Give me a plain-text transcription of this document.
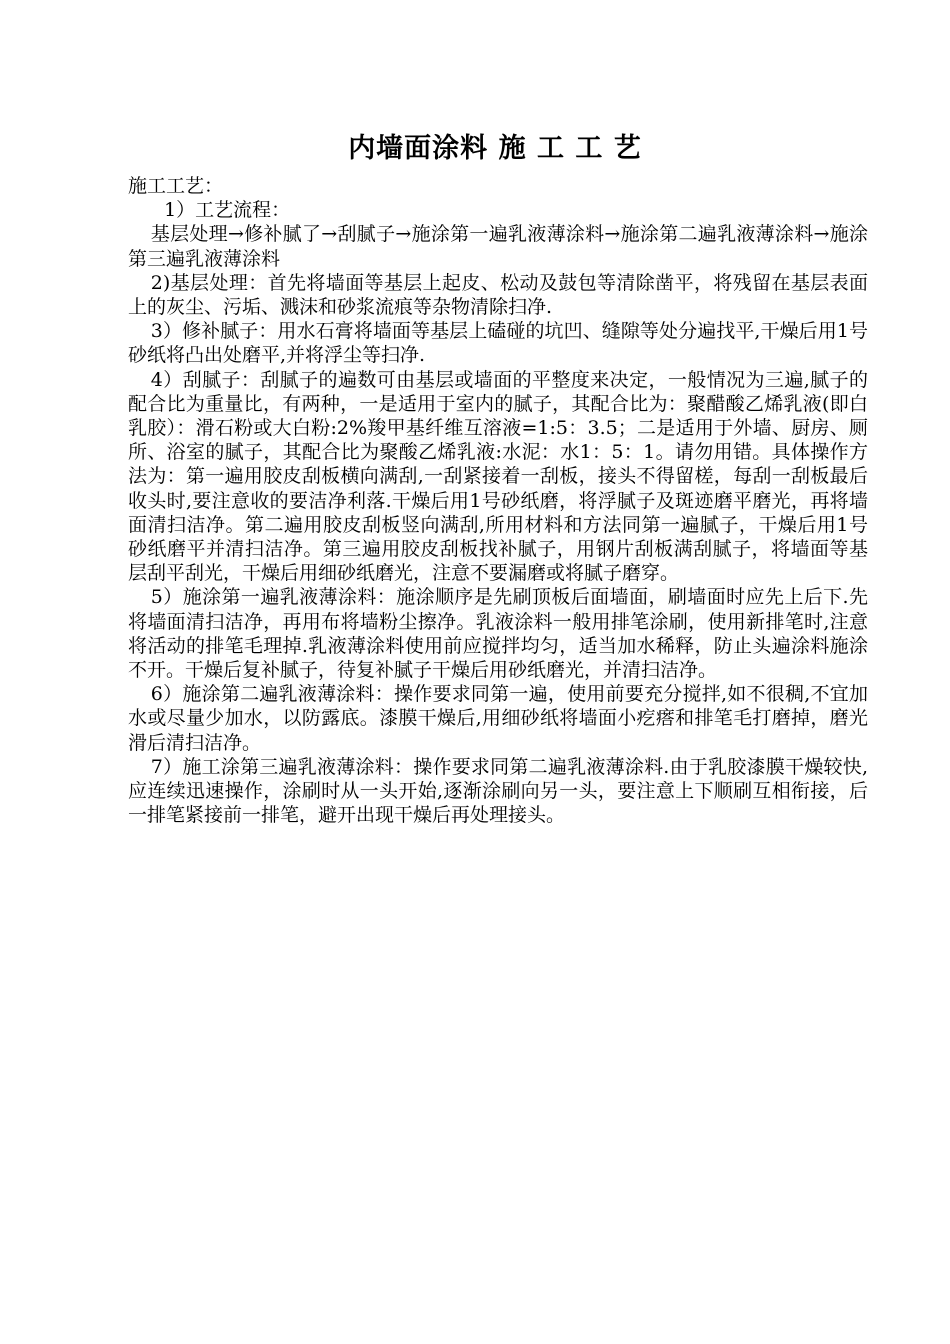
内墙面涂料 施 工 工 艺

施工工艺：

1）工艺流程：

基层处理→修补腻了→刮腻子→施涂第一遍乳液薄涂料→施涂第二遍乳液薄涂料→施涂第三遍乳液薄涂料

2)基层处理：首先将墙面等基层上起皮、松动及鼓包等清除凿平，将残留在基层表面上的灰尘、污垢、溅沫和砂浆流痕等杂物清除扫净.

3）修补腻子：用水石膏将墙面等基层上磕碰的坑凹、缝隙等处分遍找平,干燥后用1号砂纸将凸出处磨平,并将浮尘等扫净.

4）刮腻子：刮腻子的遍数可由基层或墙面的平整度来决定，一般情况为三遍,腻子的配合比为重量比，有两种，一是适用于室内的腻子，其配合比为：聚醋酸乙烯乳液(即白乳胶）：滑石粉或大白粉:2%羧甲基纤维互溶液=1:5：3.5；二是适用于外墙、厨房、厕所、浴室的腻子，其配合比为聚酸乙烯乳液:水泥：水1：5：1。请勿用错。具体操作方法为：第一遍用胶皮刮板横向满刮,一刮紧接着一刮板，接头不得留槎，每刮一刮板最后收头时,要注意收的要洁净利落.干燥后用1号砂纸磨，将浮腻子及斑迹磨平磨光，再将墙面清扫洁净。第二遍用胶皮刮板竖向满刮,所用材料和方法同第一遍腻子，干燥后用1号砂纸磨平并清扫洁净。第三遍用胶皮刮板找补腻子，用钢片刮板满刮腻子，将墙面等基层刮平刮光，干燥后用细砂纸磨光，注意不要漏磨或将腻子磨穿。

5）施涂第一遍乳液薄涂料：施涂顺序是先刷顶板后面墙面，刷墙面时应先上后下.先将墙面清扫洁净，再用布将墙粉尘擦净。乳液涂料一般用排笔涂刷，使用新排笔时,注意将活动的排笔毛理掉.乳液薄涂料使用前应搅拌均匀，适当加水稀释，防止头遍涂料施涂不开。干燥后复补腻子，待复补腻子干燥后用砂纸磨光，并清扫洁净。

6）施涂第二遍乳液薄涂料：操作要求同第一遍，使用前要充分搅拌,如不很稠,不宜加水或尽量少加水，以防露底。漆膜干燥后,用细砂纸将墙面小疙瘩和排笔毛打磨掉，磨光滑后清扫洁净。

7）施工涂第三遍乳液薄涂料：操作要求同第二遍乳液薄涂料.由于乳胶漆膜干燥较快,应连续迅速操作，涂刷时从一头开始,逐渐涂刷向另一头，要注意上下顺刷互相衔接，后一排笔紧接前一排笔，避开出现干燥后再处理接头。
